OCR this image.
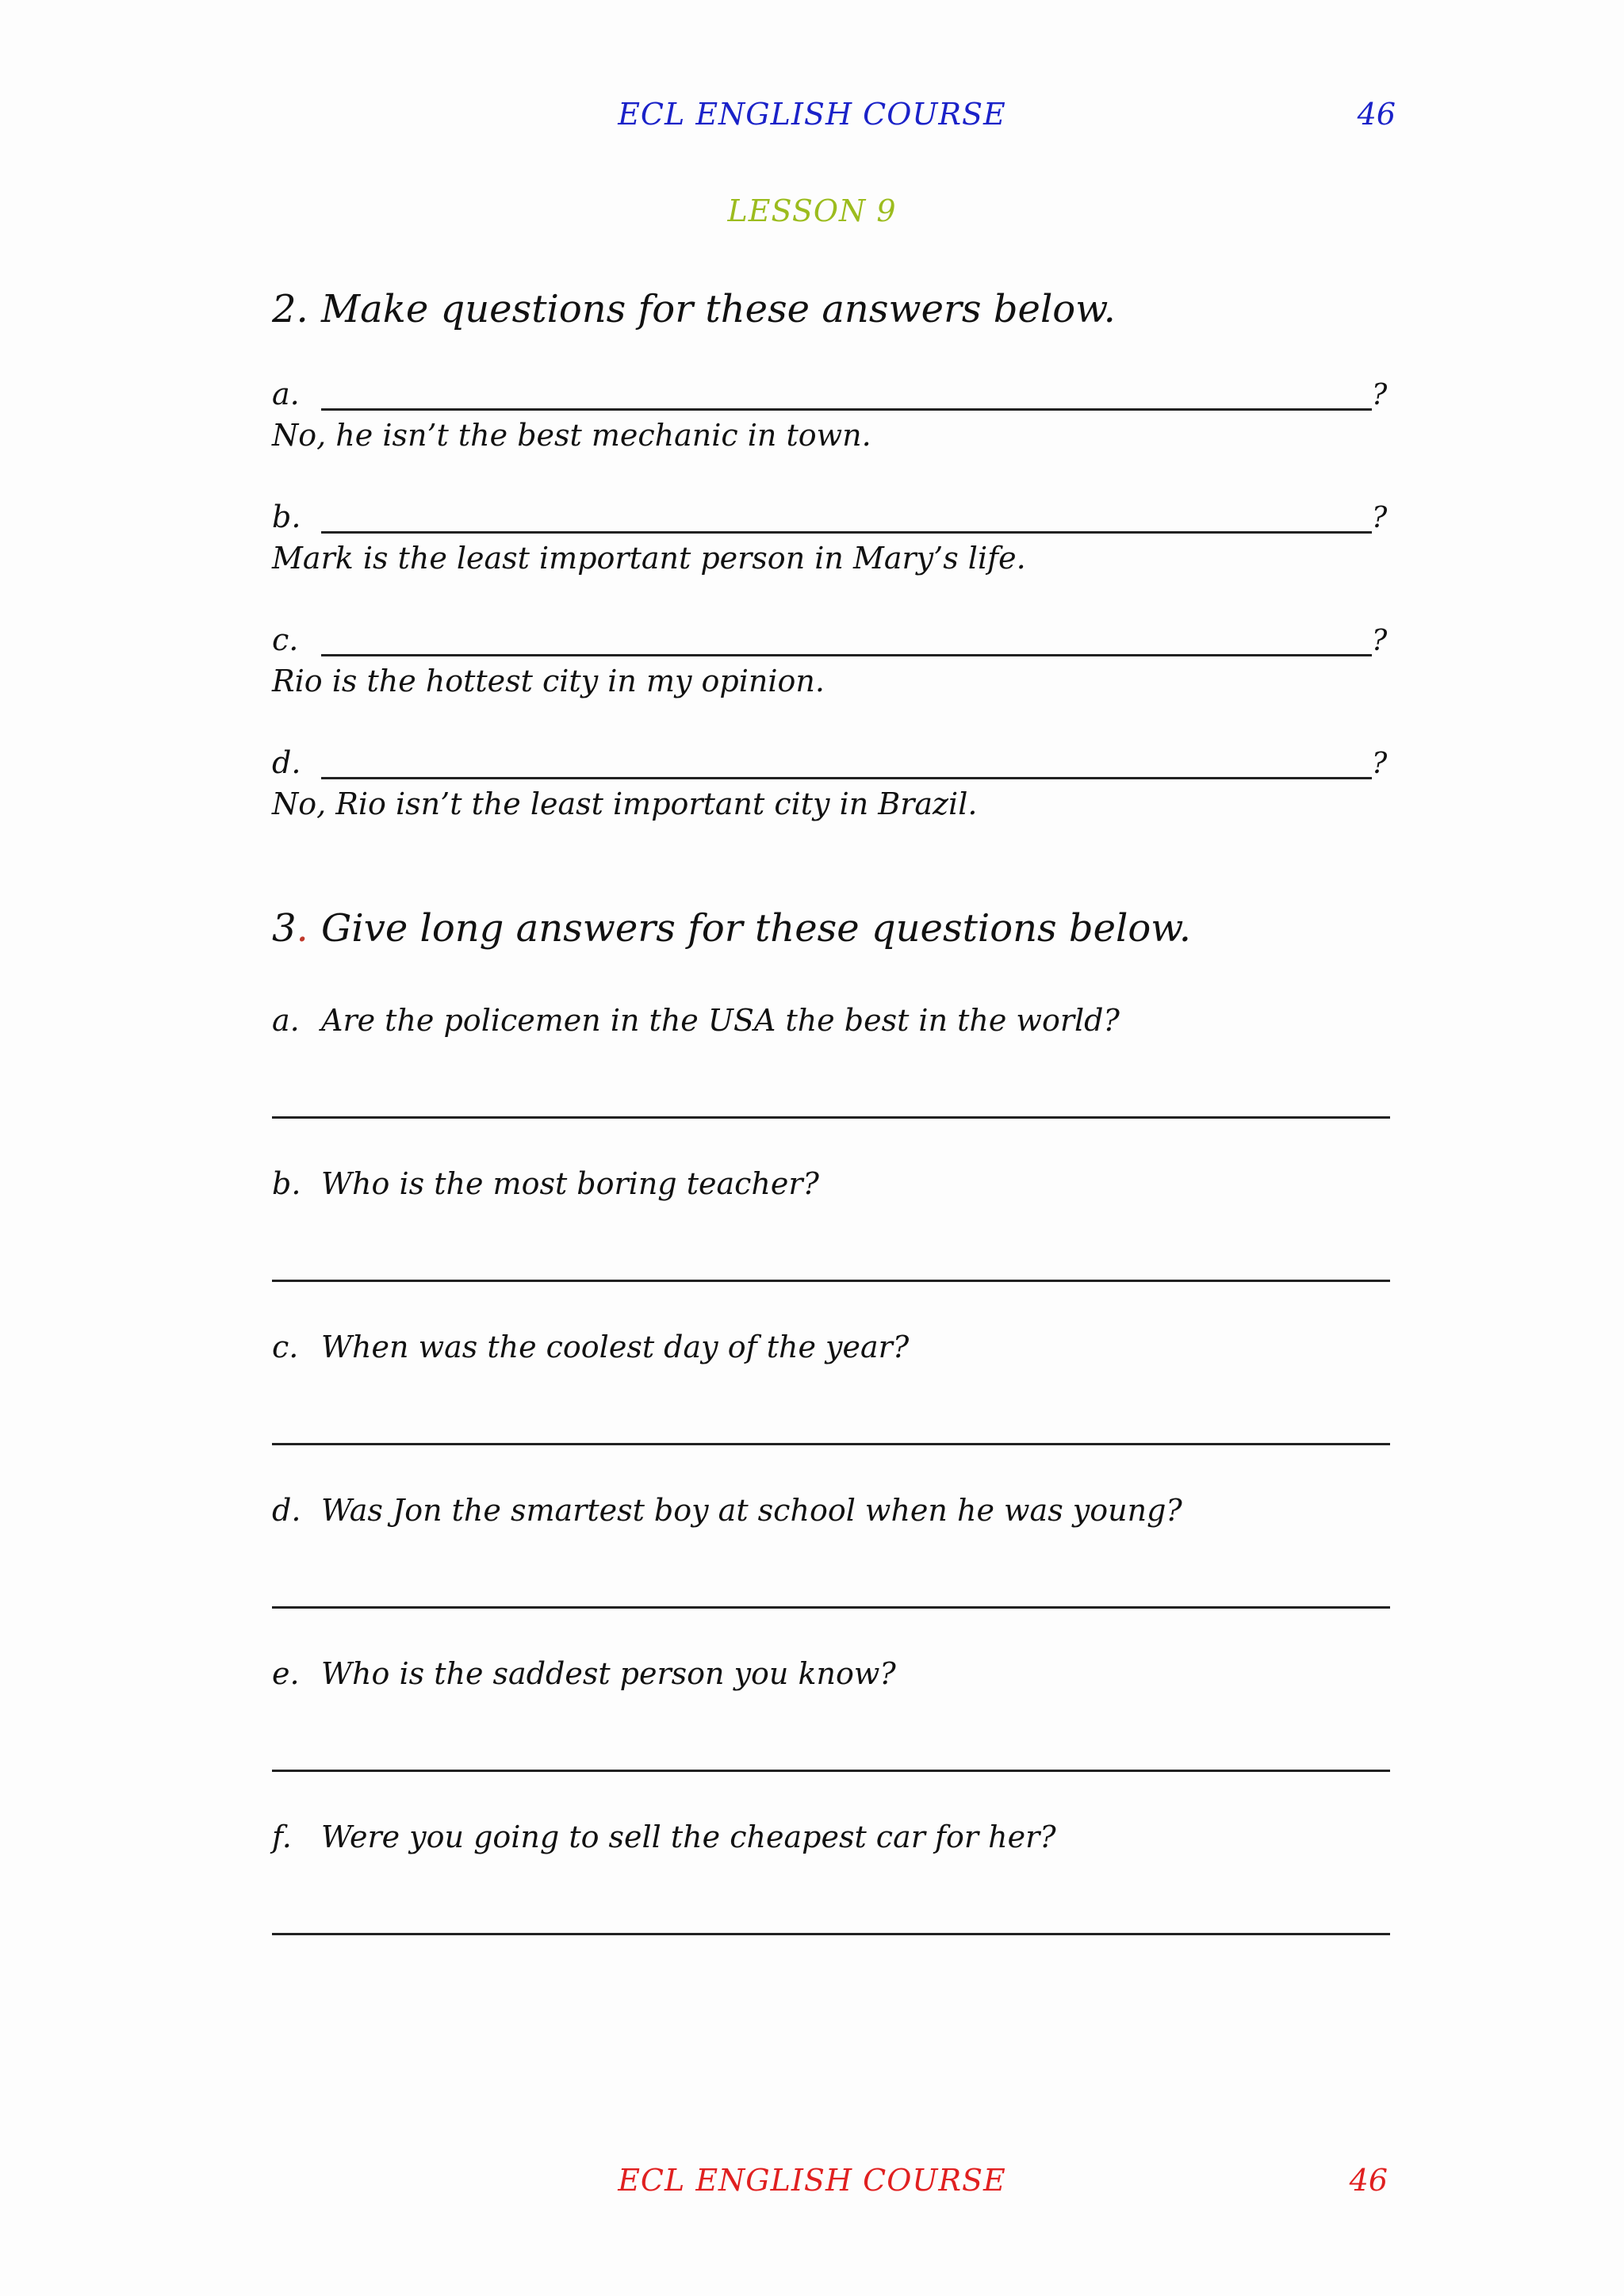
ECL ENGLISH COURSE	46
LESSON 9
2. Make questions for these answers below.
a.	?
No, he isn’t the best mechanic in town.
b.	?
Mark is the least important person in Mary’s life.
c.	?
Rio is the hottest city in my opinion.
d.	?
No, Rio isn’t the least important city in Brazil.
3. Give long answers for these questions below.
a. Are the policemen in the USA the best in the world?
b. Who is the most boring teacher?
c. When was the coolest day of the year?
d. Was Jon the smartest boy at school when he was young?
e. Who is the saddest person you know?
f. Were you going to sell the cheapest car for her?
ECL ENGLISH COURSE	46
